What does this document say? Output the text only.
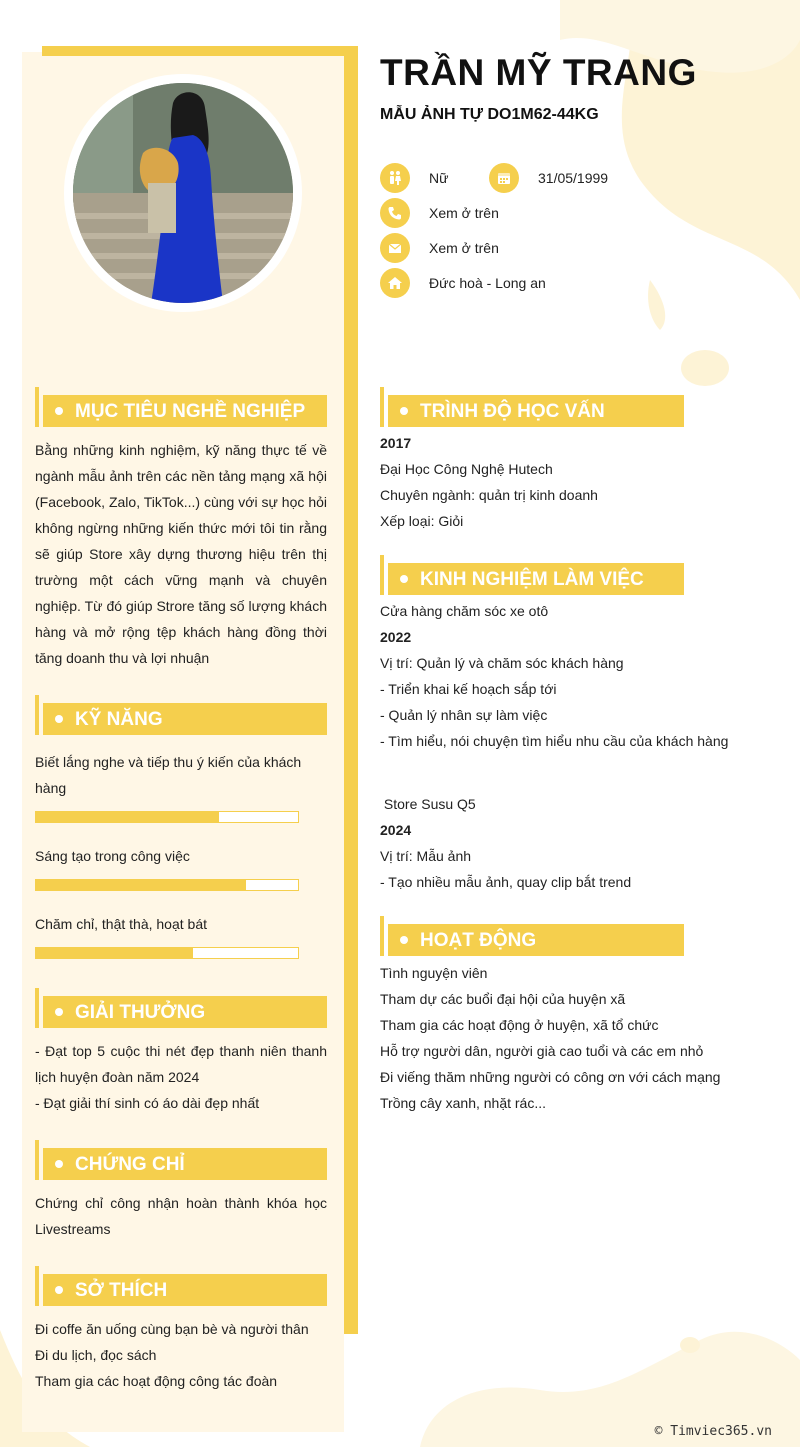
TRẦN MỸ TRANG
MẪU ẢNH TỰ DO1M62-44KG
Nữ	31/05/1999
Xem ở trên
Xem ở trên
Đức hoà - Long an
MỤC TIÊU NGHỀ NGHIỆP
Bằng những kinh nghiệm, kỹ năng thực tế về ngành mẫu ảnh trên các nền tảng mạng xã hội (Facebook, Zalo, TikTok...) cùng với sự học hỏi không ngừng những kiến thức mới tôi tin rằng sẽ giúp Store xây dựng thương hiệu trên thị trường một cách vững mạnh và chuyên nghiệp. Từ đó giúp Strore tăng số lượng khách hàng và mở rộng tệp khách hàng đồng thời tăng doanh thu và lợi nhuận
KỸ NĂNG
Biết lắng nghe và tiếp thu ý kiến của khách hàng
Sáng tạo trong công việc
Chăm chỉ, thật thà, hoạt bát
GIẢI THƯỞNG
- Đạt top 5 cuộc thi nét đẹp thanh niên thanh lịch huyện đoàn năm 2024
- Đạt giải thí sinh có áo dài đẹp nhất
CHỨNG CHỈ
Chứng chỉ công nhận hoàn thành khóa học Livestreams
SỞ THÍCH
Đi coffe ăn uống cùng bạn bè và người thân
Đi du lịch, đọc sách
Tham gia các hoạt động công tác đoàn
TRÌNH ĐỘ HỌC VẤN
2017
Đại Học Công Nghệ Hutech
Chuyên ngành: quản trị kinh doanh
Xếp loại: Giỏi
KINH NGHIỆM LÀM VIỆC
Cửa hàng chăm sóc xe otô
2022
Vị trí: Quản lý và chăm sóc khách hàng
- Triển khai kế hoạch sắp tới
- Quản lý nhân sự làm việc
- Tìm hiểu, nói chuyện tìm hiểu nhu cầu của khách hàng
Store Susu Q5
2024
Vị trí: Mẫu ảnh
- Tạo nhiều mẫu ảnh, quay clip bắt trend
HOẠT ĐỘNG
Tình nguyện viên
Tham dự các buổi đại hội của huyện xã
Tham gia các hoạt động ở huyện, xã tổ chức
Hỗ trợ người dân, người già cao tuổi và các em nhỏ
Đi viếng thăm những người có công ơn với cách mạng
Trồng cây xanh, nhặt rác...
© Timviec365.vn
